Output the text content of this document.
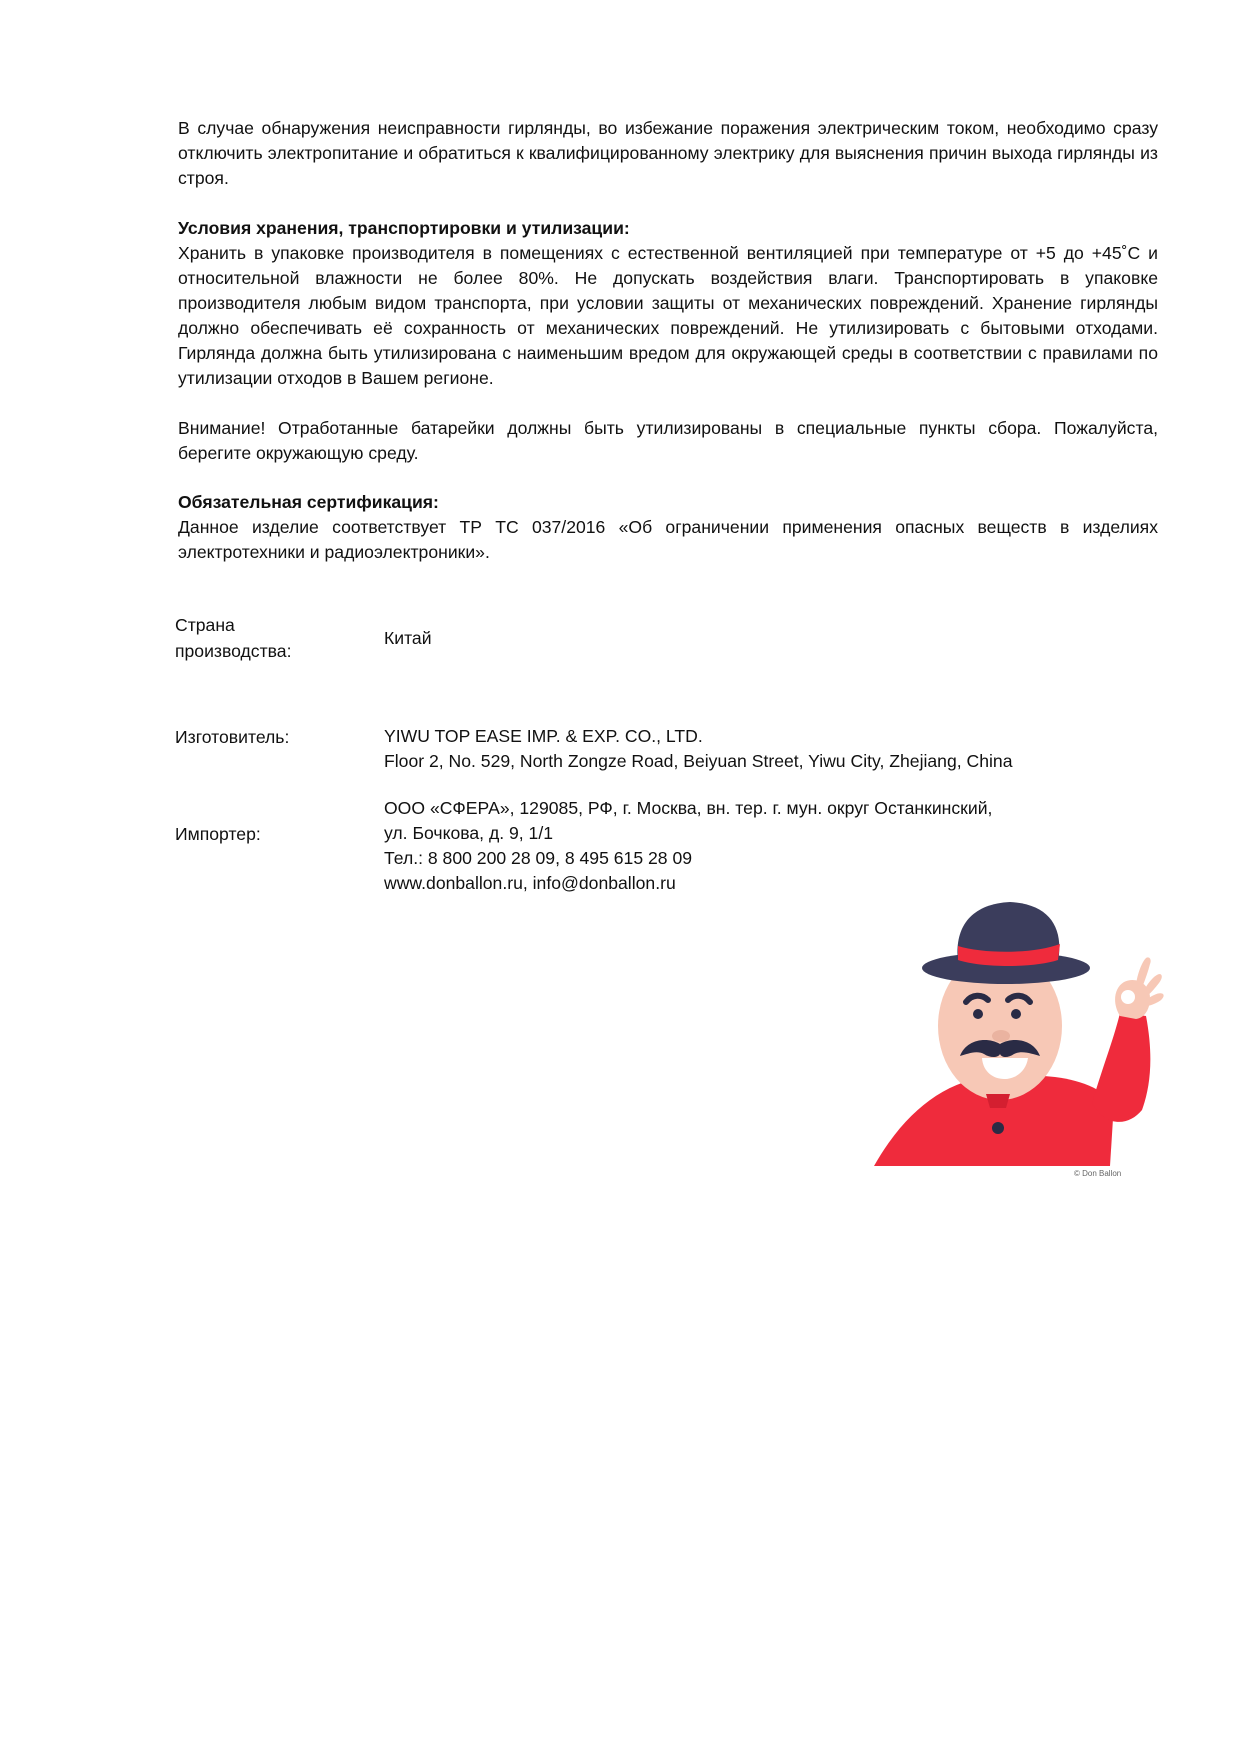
В случае обнаружения неисправности гирлянды, во избежание поражения электрическим током, необходимо сразу отключить электропитание и обратиться к квалифицированному электрику для выяснения причин выхода гирлянды из строя.

Условия хранения, транспортировки и утилизации:
Хранить в упаковке производителя в помещениях с естественной вентиляцией при температуре от +5 до +45˚С и относительной влажности не более 80%. Не допускать воздействия влаги. Транспортировать в упаковке производителя любым видом транспорта, при условии защиты от механических повреждений. Хранение гирлянды должно обеспечивать её сохранность от механических повреждений. Не утилизировать с бытовыми отходами. Гирлянда должна быть утилизирована с наименьшим вредом для окружающей среды в соответствии с правилами по утилизации отходов в Вашем регионе.

Внимание! Отработанные батарейки должны быть утилизированы в специальные пункты сбора. Пожалуйста, берегите окружающую среду.

Обязательная сертификация:
Данное изделие соответствует ТР ТС 037/2016 «Об ограничении применения опасных веществ в изделиях электротехники и радиоэлектроники».

Страна
производства:
Китай
Изготовитель:	YIWU TOP EASE IMP. & EXP. CO., LTD.
Floor 2, No. 529, North Zongze Road, Beiyuan Street, Yiwu City, Zhejiang, China
Импортер:
ООО «СФЕРА», 129085, РФ, г. Москва, вн. тер. г. мун. округ Останкинский,
ул. Бочкова, д. 9, 1/1
Тел.: 8 800 200 28 09, 8 495 615 28 09
www.donballon.ru, info@donballon.ru
© Don Ballon
